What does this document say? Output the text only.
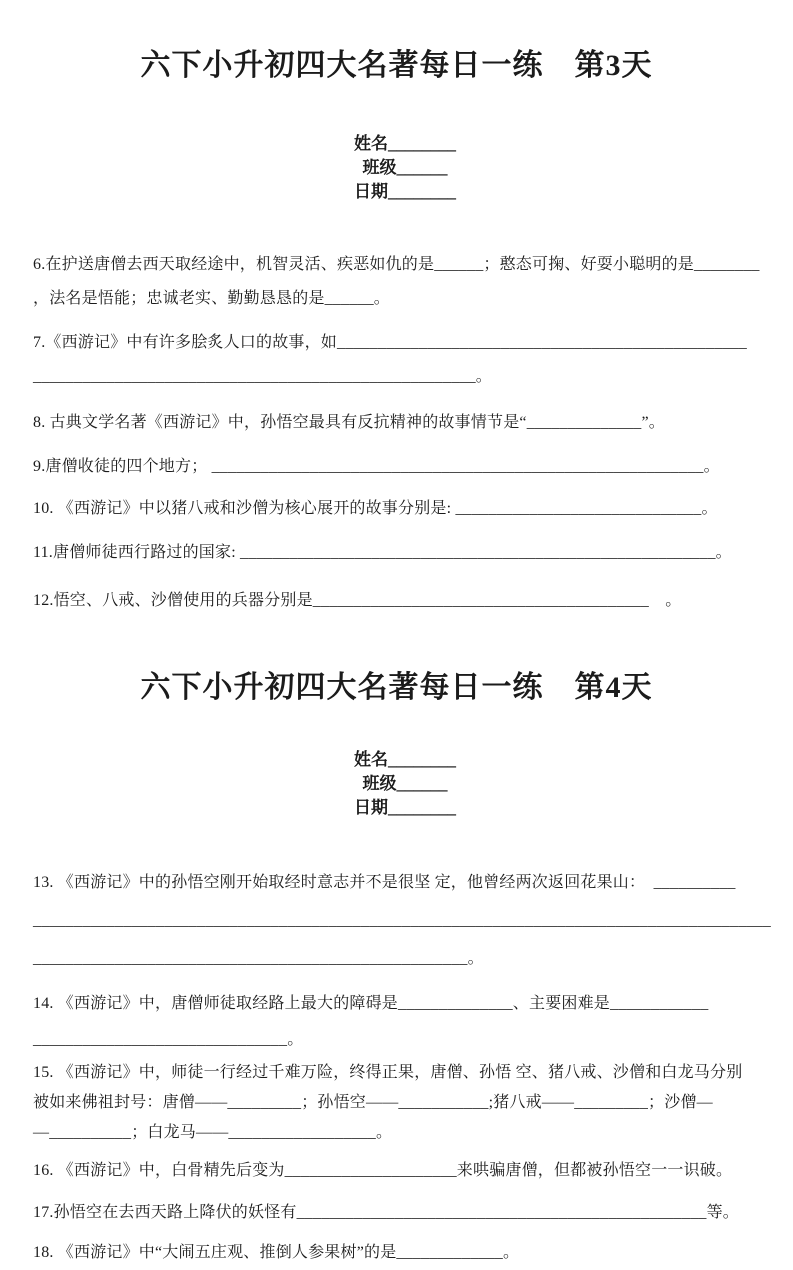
六下小升初四大名著每日一练　第3天

姓名________
班级______
日期________

6.在护送唐僧去西天取经途中，机智灵活、疾恶如仇的是______；憨态可掬、好耍小聪明的是________

，法名是悟能；忠诚老实、勤勤恳恳的是______。

7.《西游记》中有许多脍炙人口的故事，如__________________________________________________

______________________________________________________。

8. 古典文学名著《西游记》中，孙悟空最具有反抗精神的故事情节是“______________”。

9.唐僧收徒的四个地方； ____________________________________________________________。

10. 《西游记》中以猪八戒和沙僧为核心展开的故事分别是: ______________________________。

11.唐僧师徒西行路过的国家: __________________________________________________________。

12.悟空、八戒、沙僧使用的兵器分别是_________________________________________　。

六下小升初四大名著每日一练　第4天

姓名________
班级______
日期________

13. 《西游记》中的孙悟空刚开始取经时意志并不是很坚 定，他曾经两次返回花果山：  __________

__________________________________________________________________________________________

_____________________________________________________。

14. 《西游记》中，唐僧师徒取经路上最大的障碍是______________、主要困难是____________

_______________________________。

15. 《西游记》中，师徒一行经过千难万险，终得正果，唐僧、孙悟 空、猪八戒、沙僧和白龙马分别

被如来佛祖封号：唐僧——_________；孙悟空——___________;猪八戒——_________；沙僧—

—__________；白龙马——__________________。

16. 《西游记》中，白骨精先后变为_____________________来哄骗唐僧，但都被孙悟空一一识破。

17.孙悟空在去西天路上降伏的妖怪有__________________________________________________等。

18. 《西游记》中“大闹五庄观、推倒人参果树”的是_____________。
